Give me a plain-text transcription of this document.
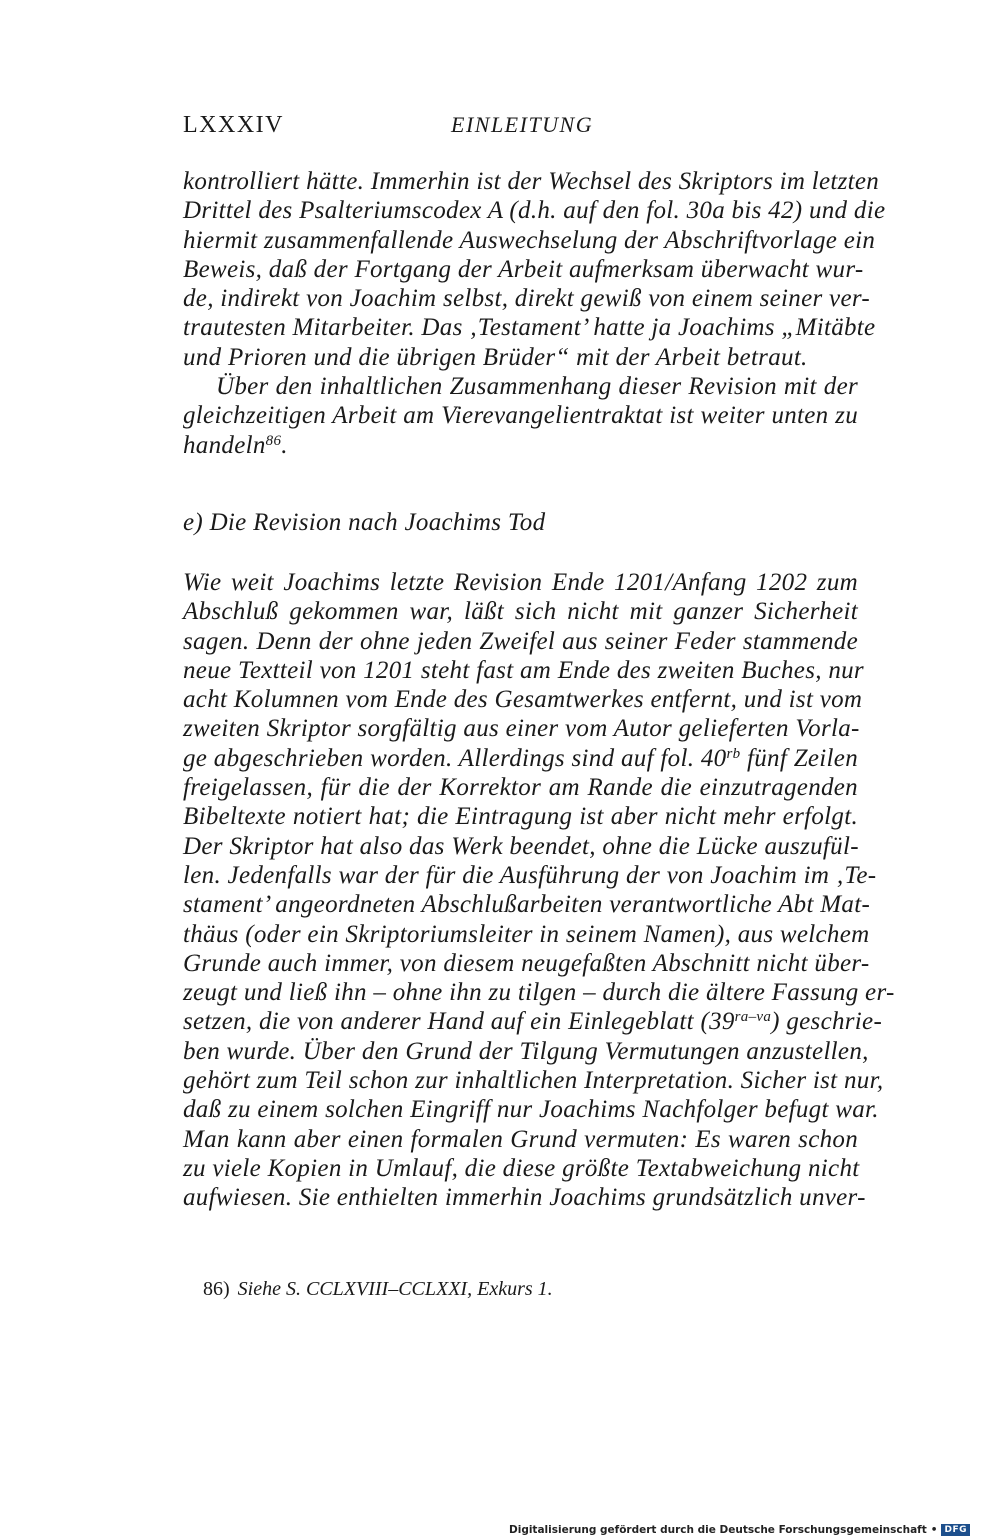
LXXXIV	EINLEITUNG
kontrolliert hätte. Immerhin ist der Wechsel des Skriptors im letzten
Drittel des Psalteriumscodex A (d.h. auf den fol. 30a bis 42) und die
hiermit zusammenfallende Auswechselung der Abschriftvorlage ein
Beweis, daß der Fortgang der Arbeit aufmerksam überwacht wur-
de, indirekt von Joachim selbst, direkt gewiß von einem seiner ver-
trautesten Mitarbeiter. Das ‚Testament’ hatte ja Joachims „Mitäbte
und Prioren und die übrigen Brüder“ mit der Arbeit betraut.
Über den inhaltlichen Zusammenhang dieser Revision mit der
gleichzeitigen Arbeit am Vierevangelientraktat ist weiter unten zu
handeln$^{86}$.
e) Die Revision nach Joachims Tod
Wie weit Joachims letzte Revision Ende 1201/Anfang 1202 zum
Abschluß gekommen war, läßt sich nicht mit ganzer Sicherheit
sagen. Denn der ohne jeden Zweifel aus seiner Feder stammende
neue Textteil von 1201 steht fast am Ende des zweiten Buches, nur
acht Kolumnen vom Ende des Gesamtwerkes entfernt, und ist vom
zweiten Skriptor sorgfältig aus einer vom Autor gelieferten Vorla-
ge abgeschrieben worden. Allerdings sind auf fol. $40^{rb}$ fünf Zeilen
freigelassen, für die der Korrektor am Rande die einzutragenden
Bibeltexte notiert hat; die Eintragung ist aber nicht mehr erfolgt.
Der Skriptor hat also das Werk beendet, ohne die Lücke auszufül-
len. Jedenfalls war der für die Ausführung der von Joachim im ‚Te-
stament’ angeordneten Abschlußarbeiten verantwortliche Abt Mat-
thäus (oder ein Skriptoriumsleiter in seinem Namen), aus welchem
Grunde auch immer, von diesem neugefaßten Abschnitt nicht über-
zeugt und ließ ihn – ohne ihn zu tilgen – durch die ältere Fassung er-
setzen, die von anderer Hand auf ein Einlegeblatt $(39^{ra-va})$ geschrie-
ben wurde. Über den Grund der Tilgung Vermutungen anzustellen,
gehört zum Teil schon zur inhaltlichen Interpretation. Sicher ist nur,
daß zu einem solchen Eingriff nur Joachims Nachfolger befugt war.
Man kann aber einen formalen Grund vermuten: Es waren schon
zu viele Kopien in Umlauf, die diese größte Textabweichung nicht
aufwiesen. Sie enthielten immerhin Joachims grundsätzlich unver-
86) Siehe S. CCLXVIII–CCLXXI, Exkurs 1.
Digitalisierung gefördert durch die Deutsche Forschungsgemeinschaft • DFG
